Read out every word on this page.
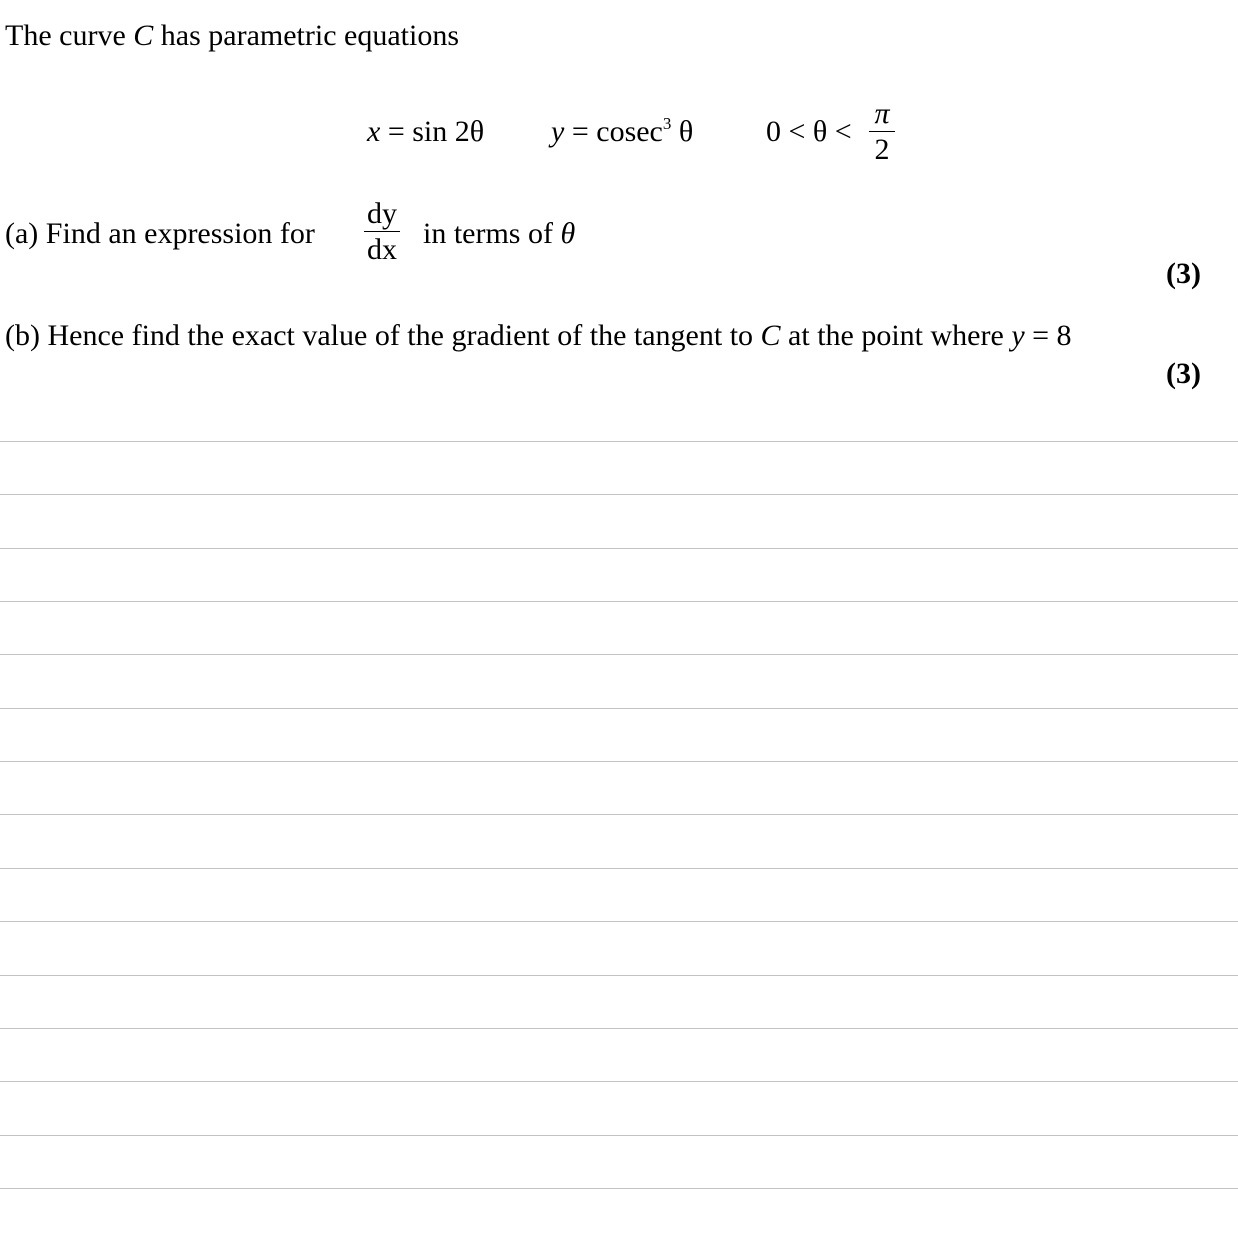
The curve C has parametric equations
x = sin 2θ y = cosec$^3$ θ 0 < θ <
π
2
(a) Find an expression for
dy
dx in terms of θ
(3)
(b) Hence find the exact value of the gradient of the tangent to C at the point where y = 8
(3)
